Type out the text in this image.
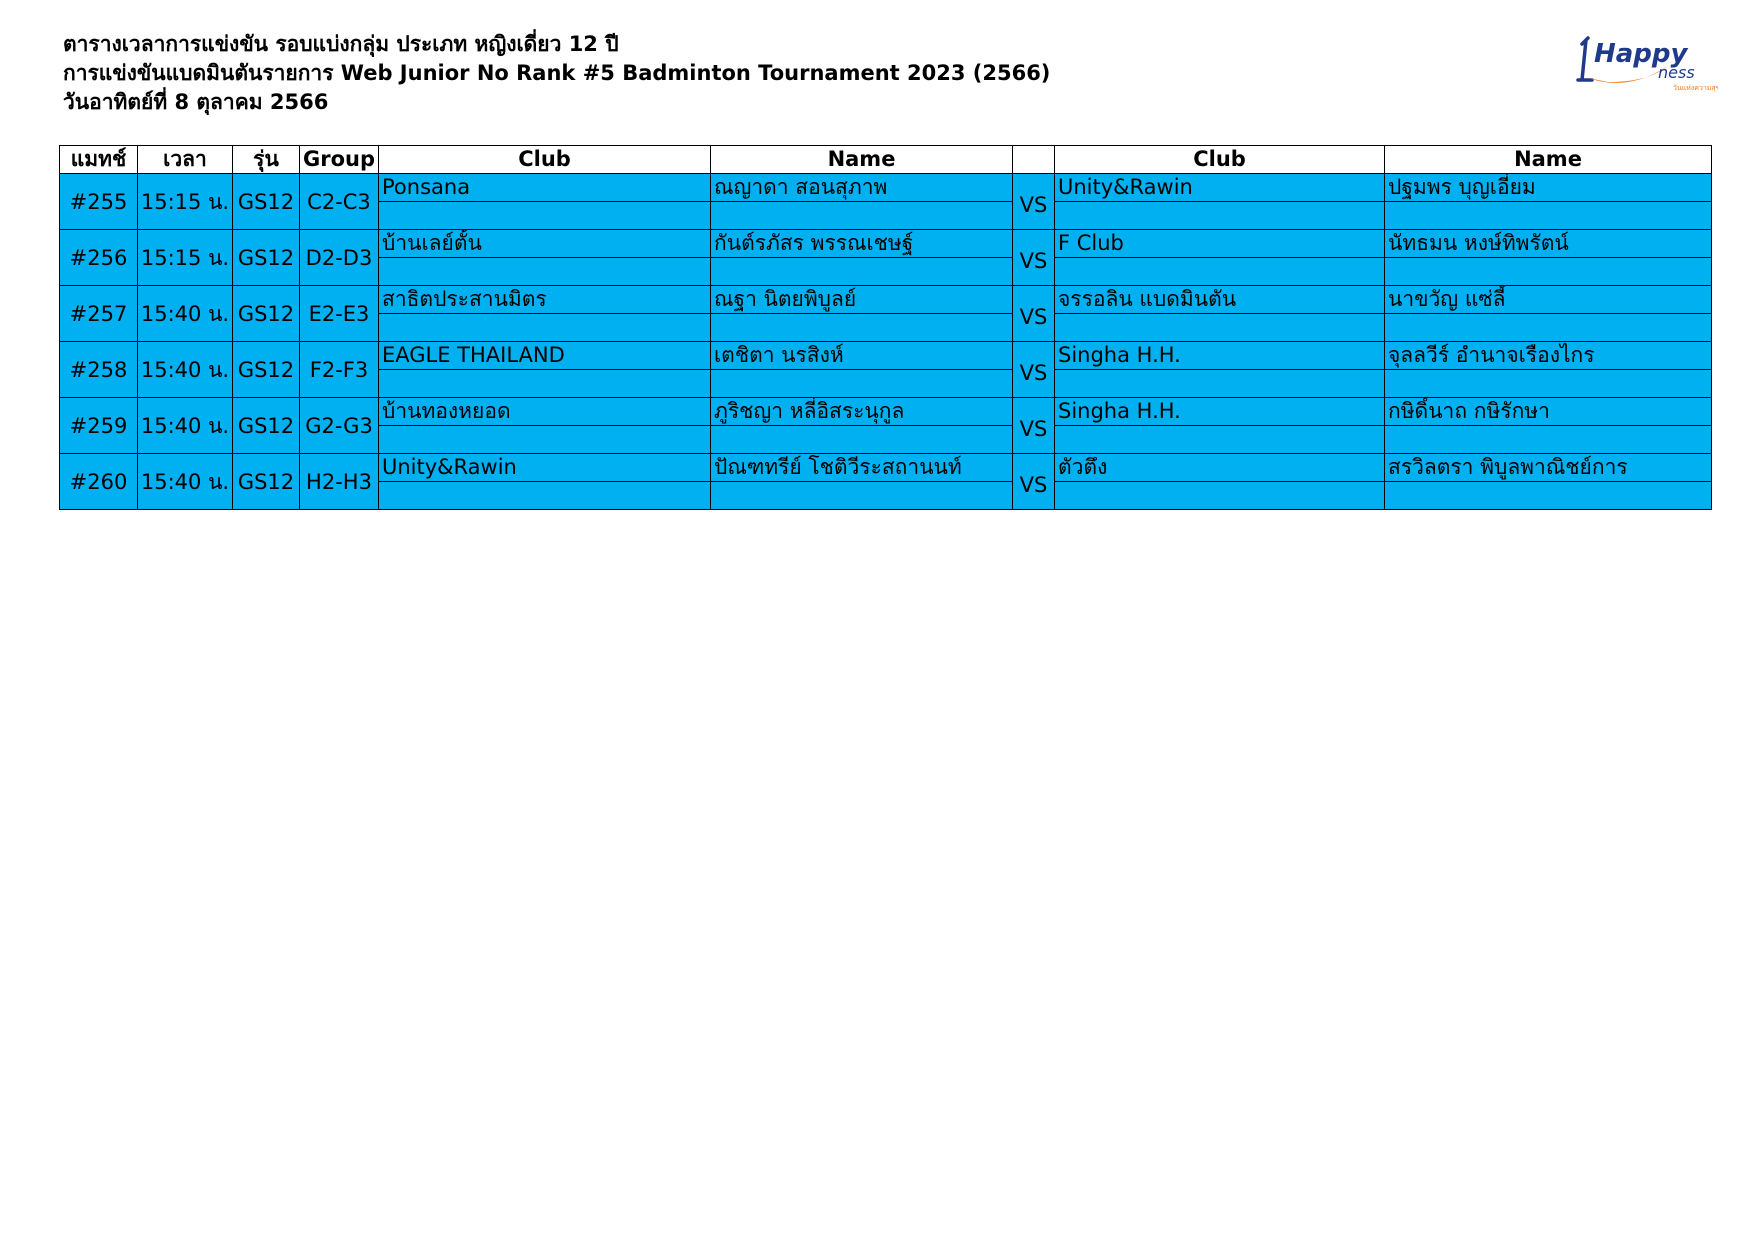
ตารางเวลาการแข่งขัน รอบแบ่งกลุ่ม ประเภท หญิงเดี่ยว 12 ปี
การแข่งขันแบดมินตันรายการ Web Junior No Rank #5 Badminton Tournament 2023 (2566)
วันอาทิตย์ที่ 8 ตุลาคม 2566
Happy
ness
วันแห่งความสุข
แมทช์	เวลา	รุ่น	Group	Club	Name		Club	Name
#255	15:15 น.	GS12	C2-C3	Ponsana	ณญาดา สอนสุภาพ	VS	Unity&Rawin	ปฐมพร บุญเอี่ยม

#256	15:15 น.	GS12	D2-D3	บ้านเลย์ตั้น	กันต์รภัสร พรรณเชษฐ์	VS	F Club	นัทธมน หงษ์ทิพรัตน์

#257	15:40 น.	GS12	E2-E3	สาธิตประสานมิตร	ณฐา นิตยพิบูลย์	VS	จรรอลิน แบดมินตัน	นาขวัญ แซ่ลี้

#258	15:40 น.	GS12	F2-F3	EAGLE THAILAND	เตชิตา นรสิงห์	VS	Singha H.H.	จุลลวีร์ อำนาจเรืองไกร

#259	15:40 น.	GS12	G2-G3	บ้านทองหยอด	ภูริชญา หลี่อิสระนุกูล	VS	Singha H.H.	กษิดิ์นาถ กษิรักษา

#260	15:40 น.	GS12	H2-H3	Unity&Rawin	ปัณฑทรีย์ โชติวีระสถานนท์	VS	ตัวตึง	สรวิลตรา พิบูลพาณิชย์การ
